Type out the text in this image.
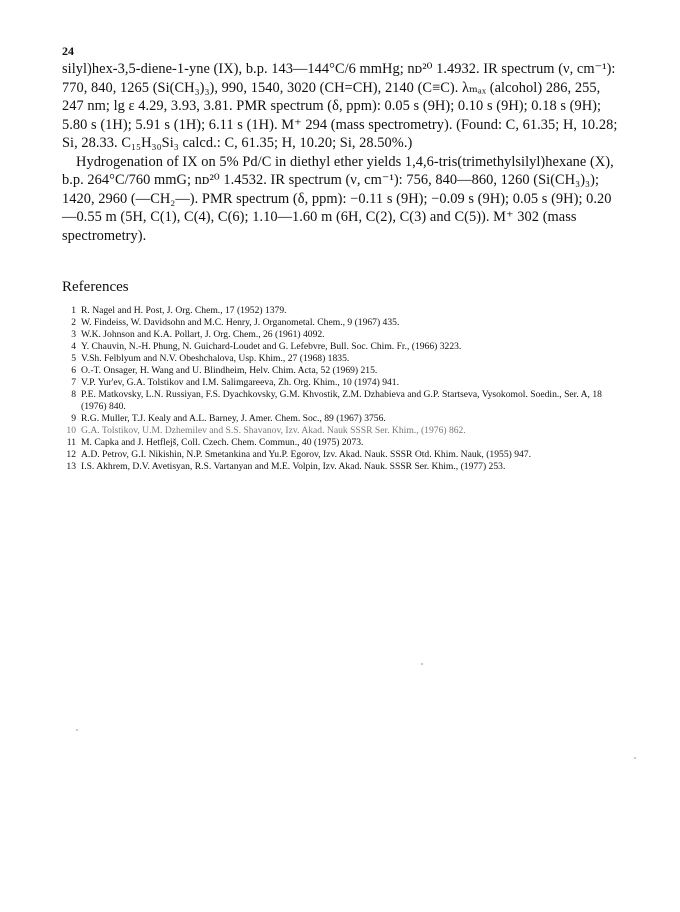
24

silyl)hex-3,5-diene-1-yne (IX), b.p. 143—144°C/6 mmHg; nᴅ²⁰ 1.4932. IR spectrum (ν, cm⁻¹): 770, 840, 1265 (Si(CH₃)₃), 990, 1540, 3020 (CH=CH), 2140 (C≡C). λₘₐₓ (alcohol) 286, 255, 247 nm; lg ε 4.29, 3.93, 3.81. PMR spectrum (δ, ppm): 0.05 s (9H); 0.10 s (9H); 0.18 s (9H); 5.80 s (1H); 5.91 s (1H); 6.11 s (1H). M⁺ 294 (mass spectrometry). (Found: C, 61.35; H, 10.28; Si, 28.33. C₁₅H₃₀Si₃ calcd.: C, 61.35; H, 10.20; Si, 28.50%.)

Hydrogenation of IX on 5% Pd/C in diethyl ether yields 1,4,6-tris(trimethylsilyl)hexane (X), b.p. 264°C/760 mmG; nᴅ²⁰ 1.4532. IR spectrum (ν, cm⁻¹): 756, 840—860, 1260 (Si(CH₃)₃); 1420, 2960 (—CH₂—). PMR spectrum (δ, ppm): −0.11 s (9H); −0.09 s (9H); 0.05 s (9H); 0.20—0.55 m (5H, C(1), C(4), C(6); 1.10—1.60 m (6H, C(2), C(3) and C(5)). M⁺ 302 (mass spectrometry).

References
1 R. Nagel and H. Post, J. Org. Chem., 17 (1952) 1379.
2 W. Findeiss, W. Davidsohn and M.C. Henry, J. Organometal. Chem., 9 (1967) 435.
3 W.K. Johnson and K.A. Pollart, J. Org. Chem., 26 (1961) 4092.
4 Y. Chauvin, N.-H. Phung, N. Guichard-Loudet and G. Lefebvre, Bull. Soc. Chim. Fr., (1966) 3223.
5 V.Sh. Felblyum and N.V. Obeshchalova, Usp. Khim., 27 (1968) 1835.
6 O.-T. Onsager, H. Wang and U. Blindheim, Helv. Chim. Acta, 52 (1969) 215.
7 V.P. Yur'ev, G.A. Tolstikov and I.M. Salimgareeva, Zh. Org. Khim., 10 (1974) 941.
8 P.E. Matkovsky, L.N. Russiyan, F.S. Dyachkovsky, G.M. Khvostik, Z.M. Dzhabieva and G.P. Startseva, Vysokomol. Soedin., Ser. A, 18 (1976) 840.
9 R.G. Muller, T.J. Kealy and A.L. Barney, J. Amer. Chem. Soc., 89 (1967) 3756.
10 G.A. Tolstikov, U.M. Dzhemilev and S.S. Shavanov, Izv. Akad. Nauk SSSR Ser. Khim., (1976) 862.
11 M. Capka and J. Hetflejš, Coll. Czech. Chem. Commun., 40 (1975) 2073.
12 A.D. Petrov, G.I. Nikishin, N.P. Smetankina and Yu.P. Egorov, Izv. Akad. Nauk. SSSR Otd. Khim. Nauk, (1955) 947.
13 I.S. Akhrem, D.V. Avetisyan, R.S. Vartanyan and M.E. Volpin, Izv. Akad. Nauk. SSSR Ser. Khim., (1977) 253.
